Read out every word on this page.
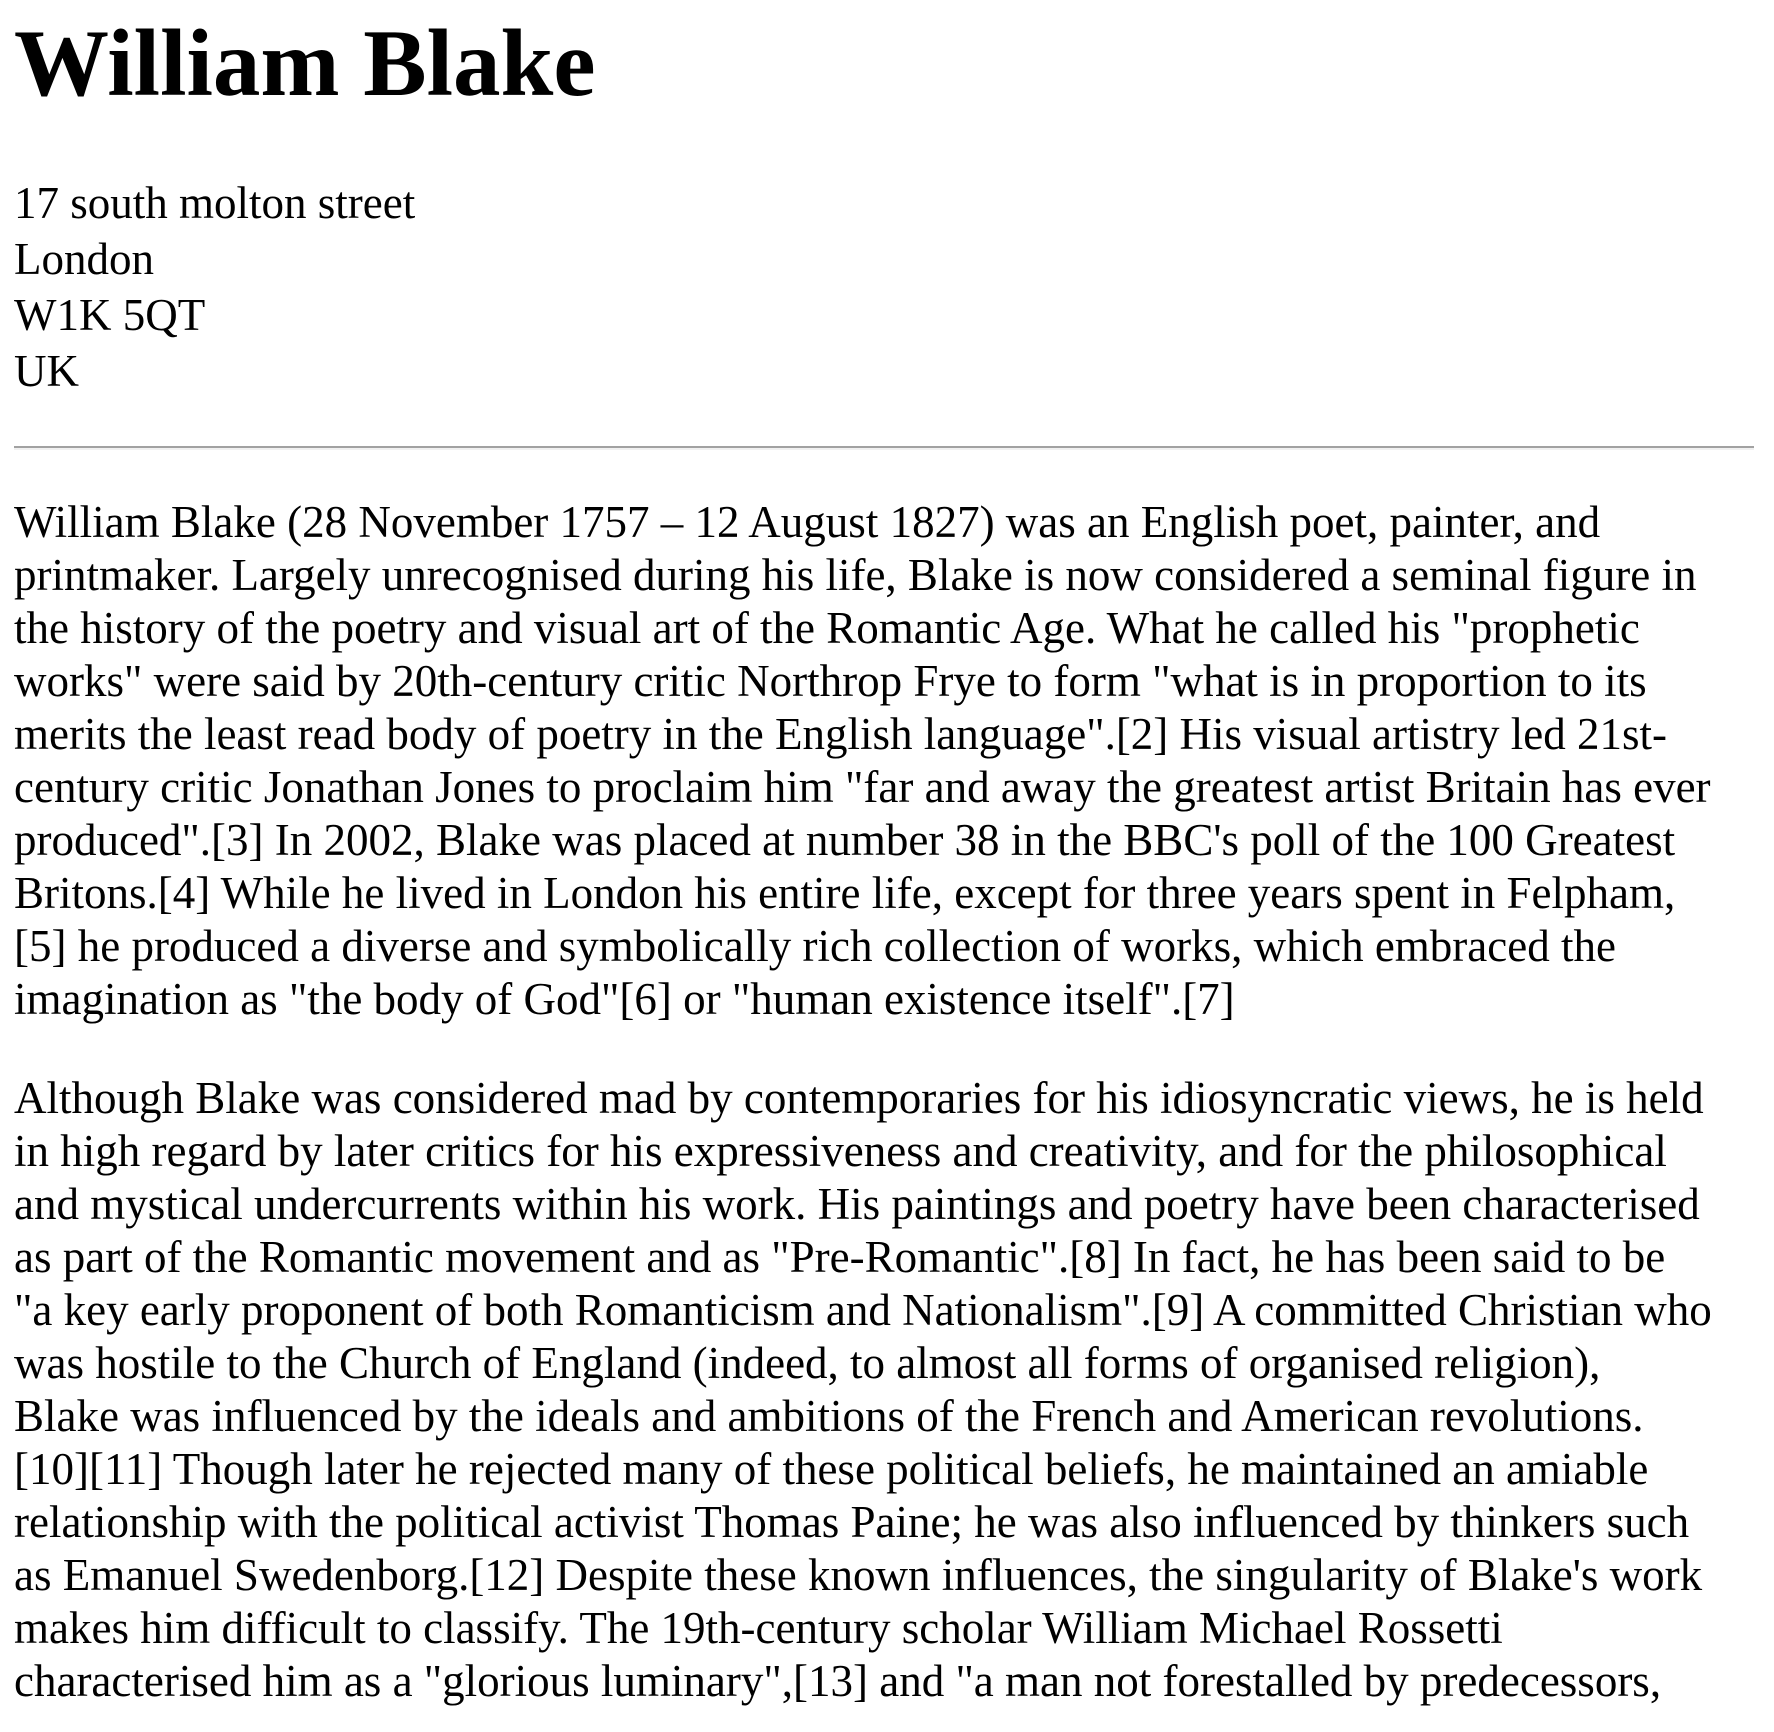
William Blake
17 south molton street
London
W1K 5QT
UK
William Blake (28 November 1757 – 12 August 1827) was an English poet, painter, and
printmaker. Largely unrecognised during his life, Blake is now considered a seminal figure in
the history of the poetry and visual art of the Romantic Age. What he called his "prophetic
works" were said by 20th-century critic Northrop Frye to form "what is in proportion to its
merits the least read body of poetry in the English language".[2] His visual artistry led 21st-
century critic Jonathan Jones to proclaim him "far and away the greatest artist Britain has ever
produced".[3] In 2002, Blake was placed at number 38 in the BBC's poll of the 100 Greatest
Britons.[4] While he lived in London his entire life, except for three years spent in Felpham,
[5] he produced a diverse and symbolically rich collection of works, which embraced the
imagination as "the body of God"[6] or "human existence itself".[7]
Although Blake was considered mad by contemporaries for his idiosyncratic views, he is held
in high regard by later critics for his expressiveness and creativity, and for the philosophical
and mystical undercurrents within his work. His paintings and poetry have been characterised
as part of the Romantic movement and as "Pre-Romantic".[8] In fact, he has been said to be
"a key early proponent of both Romanticism and Nationalism".[9] A committed Christian who
was hostile to the Church of England (indeed, to almost all forms of organised religion),
Blake was influenced by the ideals and ambitions of the French and American revolutions.
[10][11] Though later he rejected many of these political beliefs, he maintained an amiable
relationship with the political activist Thomas Paine; he was also influenced by thinkers such
as Emanuel Swedenborg.[12] Despite these known influences, the singularity of Blake's work
makes him difficult to classify. The 19th-century scholar William Michael Rossetti
characterised him as a "glorious luminary",[13] and "a man not forestalled by predecessors,
